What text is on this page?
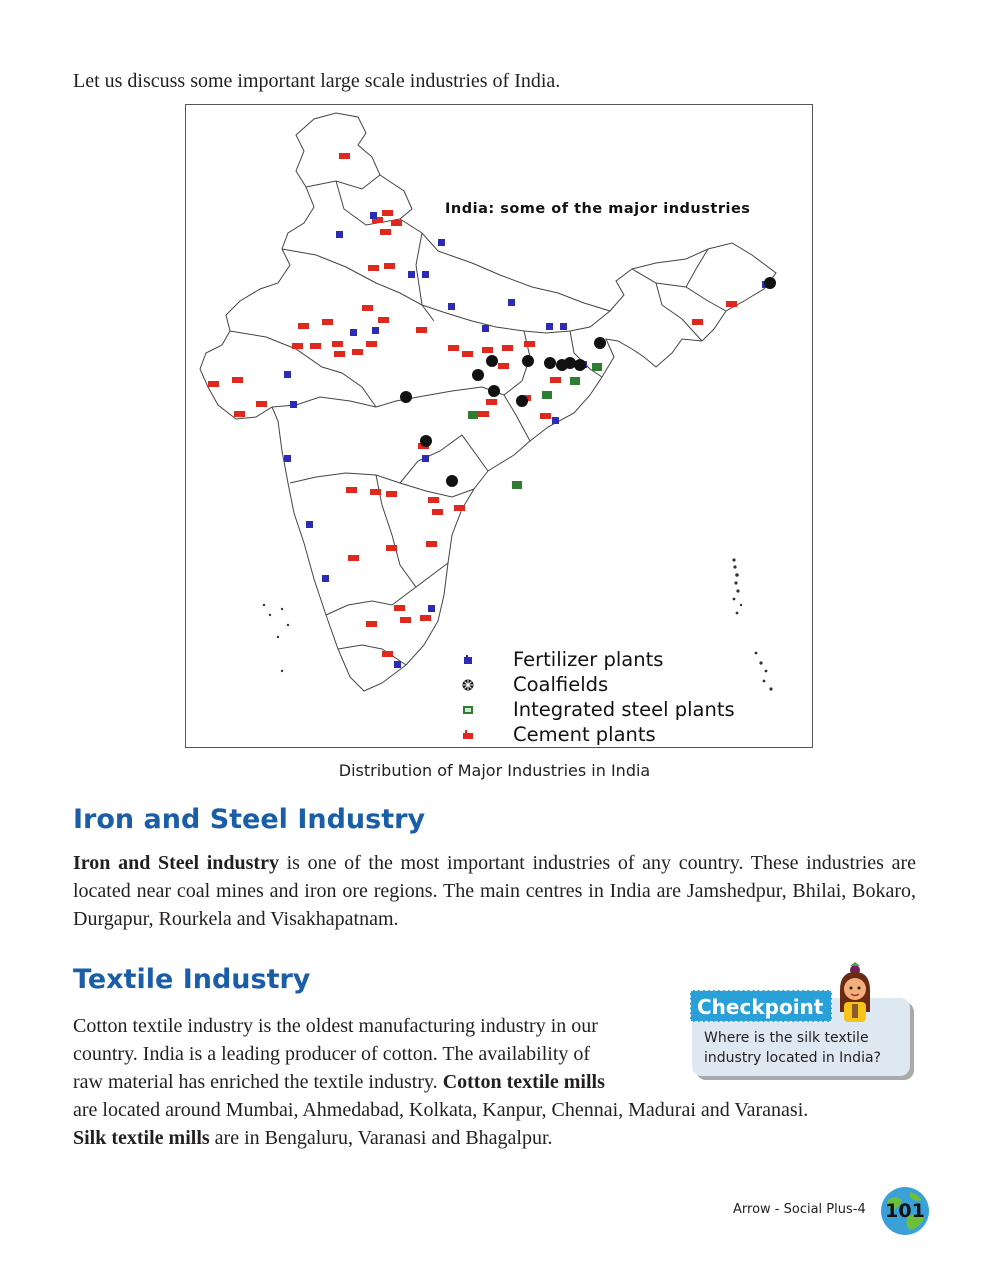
Let us discuss some important large scale industries of India.

India: some of the major industries

Fertilizer plants
Coalfields
Integrated steel plants
Cement plants

Distribution of Major Industries in India

Iron and Steel Industry

Iron and Steel industry is one of the most important industries of any country. These industries are located near coal mines and iron ore regions. The main centres in India are Jamshedpur, Bhilai, Bokaro, Durgapur, Rourkela and Visakhapatnam.

Textile Industry
Cotton textile industry is the oldest manufacturing industry in our
country. India is a leading producer of cotton. The availability of
raw material has enriched the textile industry. Cotton textile mills
are located around Mumbai, Ahmedabad, Kolkata, Kanpur, Chennai, Madurai and Varanasi.
Silk textile mills are in Bengaluru, Varanasi and Bhagalpur.
Checkpoint

Where is the silk textile industry located in India?

Arrow - Social Plus-4 101
